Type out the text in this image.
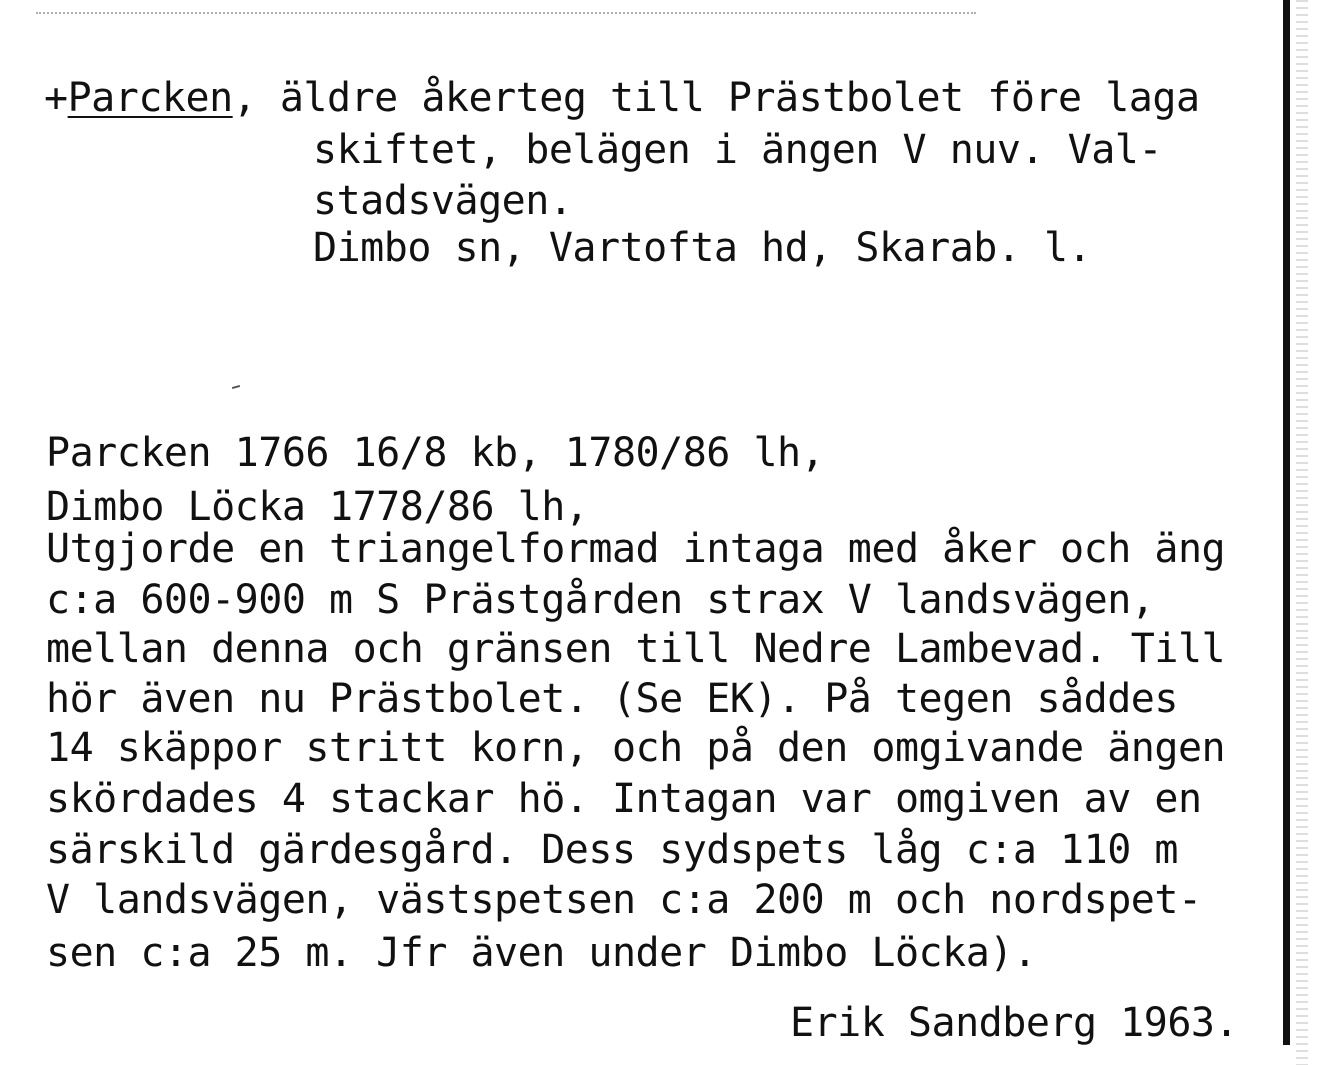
+Parcken, äldre åkerteg till Prästbolet före laga
skiftet, belägen i ängen V nuv. Val-
stadsvägen.
Dimbo sn, Vartofta hd, Skarab. l.
Parcken 1766 16/8 kb, 1780/86 lh,
Dimbo Löcka 1778/86 lh,
Utgjorde en triangelformad intaga med åker och äng
c:a 600-900 m S Prästgården strax V landsvägen,
mellan denna och gränsen till Nedre Lambevad. Till
hör även nu Prästbolet. (Se EK). På tegen såddes
14 skäppor stritt korn, och på den omgivande ängen
skördades 4 stackar hö. Intagan var omgiven av en
särskild gärdesgård. Dess sydspets låg c:a 110 m
V landsvägen, västspetsen c:a 200 m och nordspet-
sen c:a 25 m. Jfr även under Dimbo Löcka).
Erik Sandberg 1963.
